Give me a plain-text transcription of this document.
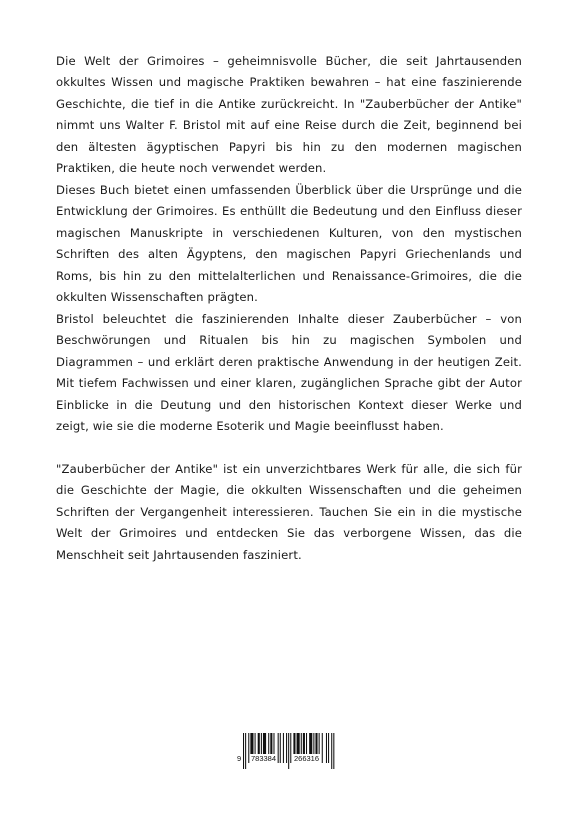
Die Welt der Grimoires – geheimnisvolle Bücher, die seit Jahrtausenden okkultes Wissen und magische Praktiken bewahren – hat eine faszinierende Geschichte, die tief in die Antike zurückreicht. In "Zauberbücher der Antike" nimmt uns Walter F. Bristol mit auf eine Reise durch die Zeit, beginnend bei den ältesten ägyptischen Papyri bis hin zu den modernen magischen Praktiken, die heute noch verwendet werden.
Dieses Buch bietet einen umfassenden Überblick über die Ursprünge und die Entwicklung der Grimoires. Es enthüllt die Bedeutung und den Einfluss dieser magischen Manuskripte in verschiedenen Kulturen, von den mystischen Schriften des alten Ägyptens, den magischen Papyri Griechenlands und Roms, bis hin zu den mittelalterlichen und Renaissance-Grimoires, die die okkulten Wissenschaften prägten.
Bristol beleuchtet die faszinierenden Inhalte dieser Zauberbücher – von Beschwörungen und Ritualen bis hin zu magischen Symbolen und Diagrammen – und erklärt deren praktische Anwendung in der heutigen Zeit. Mit tiefem Fachwissen und einer klaren, zugänglichen Sprache gibt der Autor Einblicke in die Deutung und den historischen Kontext dieser Werke und zeigt, wie sie die moderne Esoterik und Magie beeinflusst haben.
"Zauberbücher der Antike" ist ein unverzichtbares Werk für alle, die sich für die Geschichte der Magie, die okkulten Wissenschaften und die geheimen Schriften der Vergangenheit interessieren. Tauchen Sie ein in die mystische Welt der Grimoires und entdecken Sie das verborgene Wissen, das die Menschheit seit Jahrtausenden fasziniert.
9 783384 266316
